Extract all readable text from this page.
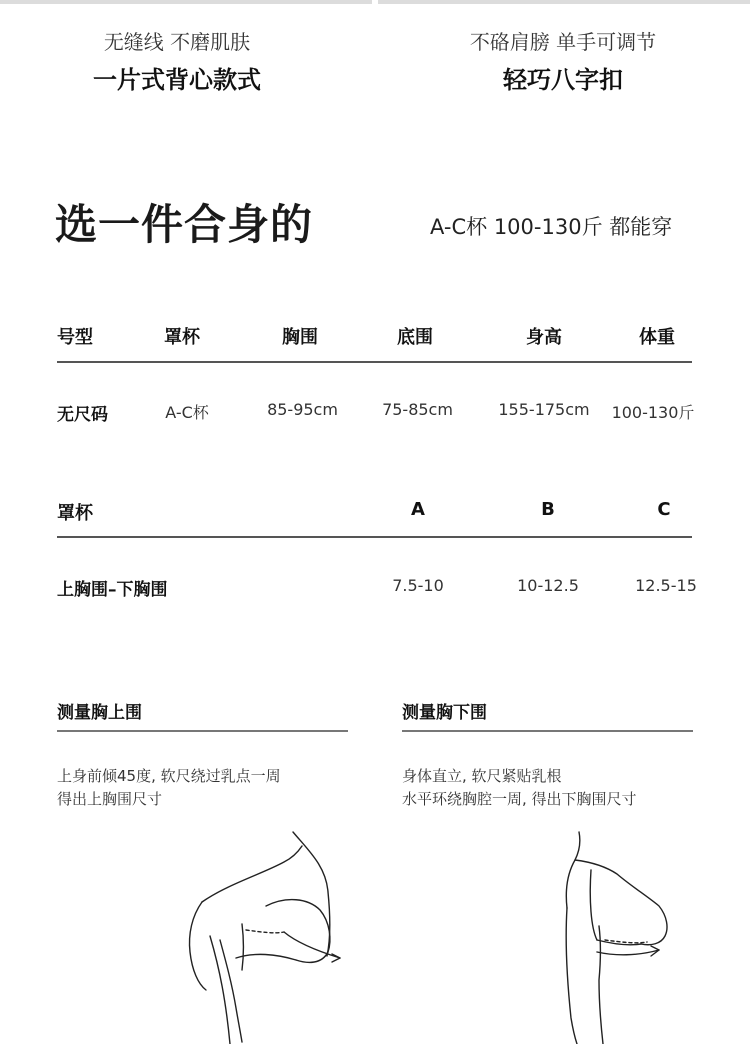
无缝线 不磨肌肤
一片式背心款式
不硌肩膀 单手可调节
轻巧八字扣
选一件合身的	A-C杯 100-130斤 都能穿
号型	罩杯	胸围	底围	身高	体重
无尺码	A-C杯	85-95cm	75-85cm	155-175cm 100-130斤
罩杯	A	B	C
上胸围–下胸围	7.5-10	10-12.5	12.5-15
测量胸上围
上身前倾45度, 软尺绕过乳点一周
得出上胸围尺寸
测量胸下围
身体直立, 软尺紧贴乳根
水平环绕胸腔一周, 得出下胸围尺寸
